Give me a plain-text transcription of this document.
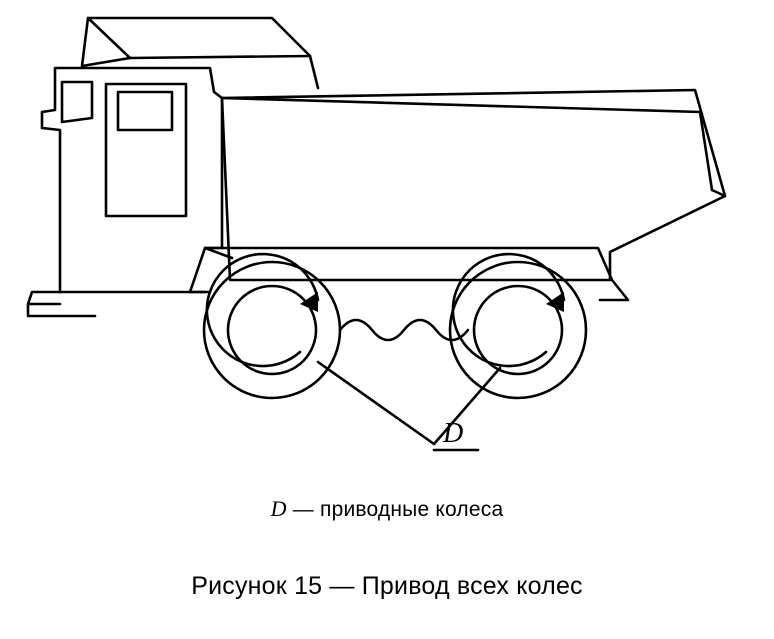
D
D — приводные колеса
Рисунок 15 — Привод всех колес
